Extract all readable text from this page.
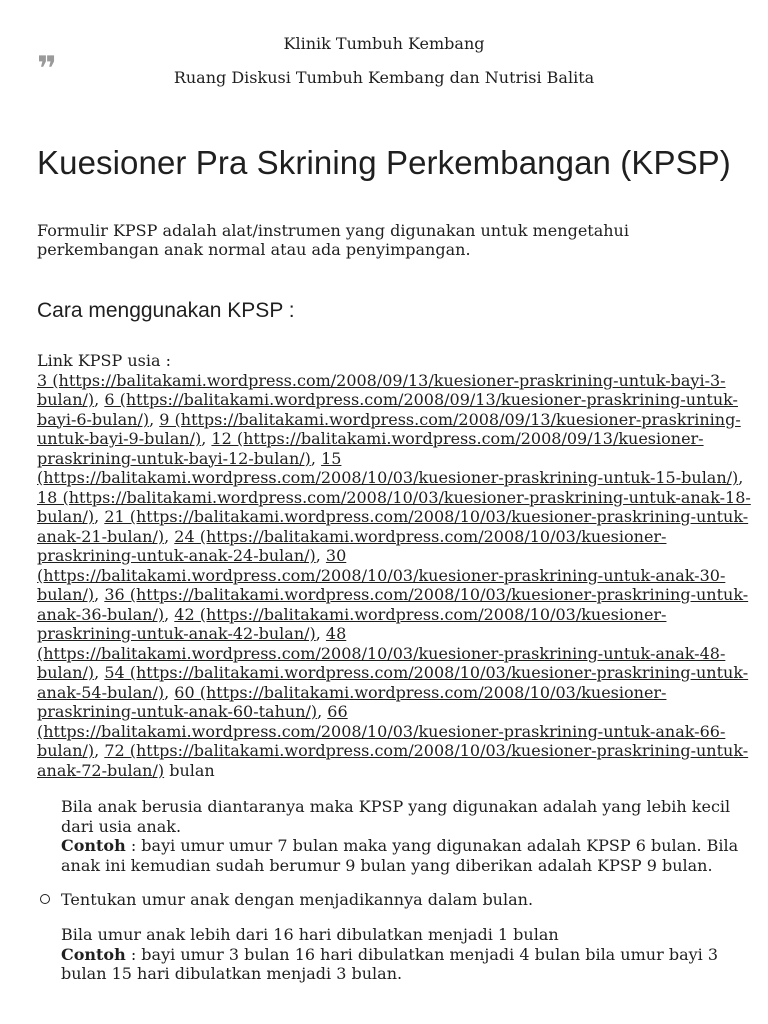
Klinik Tumbuh Kembang
❞	Ruang Diskusi Tumbuh Kembang dan Nutrisi Balita
Kuesioner Pra Skrining Perkembangan (KPSP)
Formulir KPSP adalah alat/instrumen yang digunakan untuk mengetahui
perkembangan anak normal atau ada penyimpangan.
Cara menggunakan KPSP :
Link KPSP usia :
3 (https://balitakami.wordpress.com/2008/09/13/kuesioner-praskrining-untuk-bayi-3-
bulan/), 6 (https://balitakami.wordpress.com/2008/09/13/kuesioner-praskrining-untuk-
bayi-6-bulan/), 9 (https://balitakami.wordpress.com/2008/09/13/kuesioner-praskrining-
untuk-bayi-9-bulan/), 12 (https://balitakami.wordpress.com/2008/09/13/kuesioner-
praskrining-untuk-bayi-12-bulan/), 15
(https://balitakami.wordpress.com/2008/10/03/kuesioner-praskrining-untuk-15-bulan/),
18 (https://balitakami.wordpress.com/2008/10/03/kuesioner-praskrining-untuk-anak-18-
bulan/), 21 (https://balitakami.wordpress.com/2008/10/03/kuesioner-praskrining-untuk-
anak-21-bulan/), 24 (https://balitakami.wordpress.com/2008/10/03/kuesioner-
praskrining-untuk-anak-24-bulan/), 30
(https://balitakami.wordpress.com/2008/10/03/kuesioner-praskrining-untuk-anak-30-
bulan/), 36 (https://balitakami.wordpress.com/2008/10/03/kuesioner-praskrining-untuk-
anak-36-bulan/), 42 (https://balitakami.wordpress.com/2008/10/03/kuesioner-
praskrining-untuk-anak-42-bulan/), 48
(https://balitakami.wordpress.com/2008/10/03/kuesioner-praskrining-untuk-anak-48-
bulan/), 54 (https://balitakami.wordpress.com/2008/10/03/kuesioner-praskrining-untuk-
anak-54-bulan/), 60 (https://balitakami.wordpress.com/2008/10/03/kuesioner-
praskrining-untuk-anak-60-tahun/), 66
(https://balitakami.wordpress.com/2008/10/03/kuesioner-praskrining-untuk-anak-66-
bulan/), 72 (https://balitakami.wordpress.com/2008/10/03/kuesioner-praskrining-untuk-
anak-72-bulan/) bulan
Bila anak berusia diantaranya maka KPSP yang digunakan adalah yang lebih kecil
dari usia anak.
Contoh : bayi umur umur 7 bulan maka yang digunakan adalah KPSP 6 bulan. Bila
anak ini kemudian sudah berumur 9 bulan yang diberikan adalah KPSP 9 bulan.
Tentukan umur anak dengan menjadikannya dalam bulan.
Bila umur anak lebih dari 16 hari dibulatkan menjadi 1 bulan
Contoh : bayi umur 3 bulan 16 hari dibulatkan menjadi 4 bulan bila umur bayi 3
bulan 15 hari dibulatkan menjadi 3 bulan.
